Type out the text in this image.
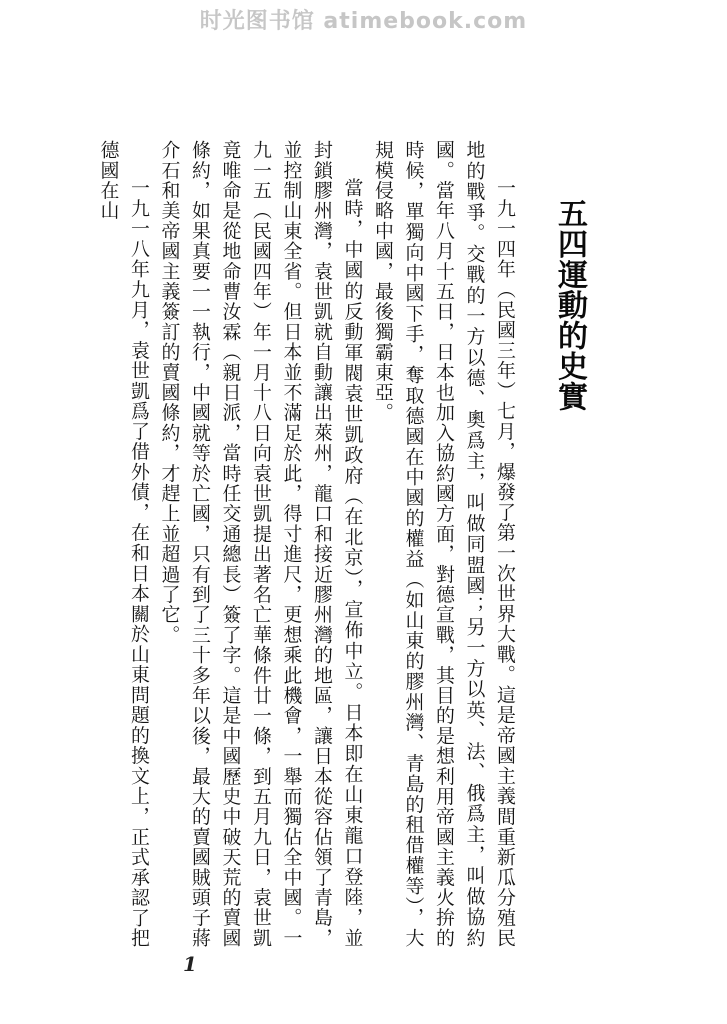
时光图书馆 atimebook.com
五四運動的史實

一九一四年（民國三年）七月，爆發了第一次世界大戰。這是帝國主義間重新瓜分殖民地的戰爭。交戰的一方以德、奧爲主，叫做同盟國；另一方以英、法、俄爲主，叫做協約國。當年八月十五日，日本也加入協約國方面，對德宣戰，其目的是想利用帝國主義火拚的時候，單獨向中國下手，奪取德國在中國的權益（如山東的膠州灣、青島的租借權等），大規模侵略中國，最後獨霸東亞。

當時，中國的反動軍閥袁世凱政府（在北京），宣佈中立。日本即在山東龍口登陸，並封鎖膠州灣，袁世凱就自動讓出萊州，龍口和接近膠州灣的地區，讓日本從容佔領了青島，並控制山東全省。但日本並不滿足於此，得寸進尺，更想乘此機會，一舉而獨佔全中國。一九一五（民國四年）年一月十八日向袁世凱提出著名亡華條件廿一條，到五月九日，袁世凱竟唯命是從地命曹汝霖（親日派，當時任交通總長）簽了字。這是中國歷史中破天荒的賣國條約，如果真要一一執行，中國就等於亡國，只有到了三十多年以後，最大的賣國賊頭子蔣介石和美帝國主義簽訂的賣國條約，才趕上並超過了它。

一九一八年九月，袁世凱爲了借外債，在和日本關於山東問題的換文上，正式承認了把德國在山

1
